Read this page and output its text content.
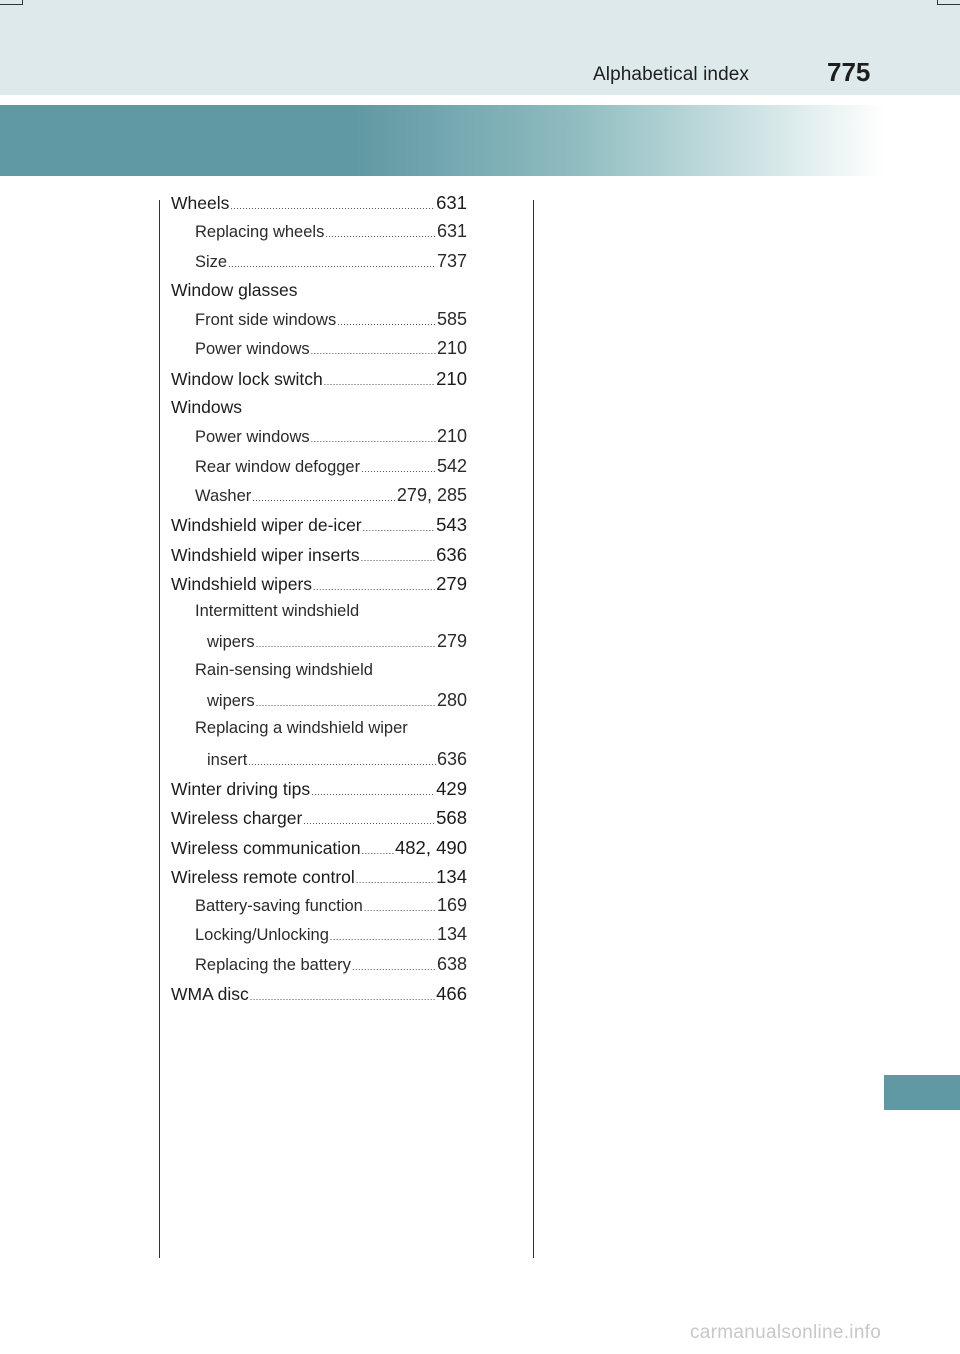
Alphabetical index	775
Wheels .....	631
Replacing wheels .....	631
Size .....	737
Window glasses
Front side windows .....	585
Power windows .....	210
Window lock switch .....	210
Windows
Power windows .....	210
Rear window defogger .....	542
Washer .....	279, 285
Windshield wiper de-icer .....	543
Windshield wiper inserts .....	636
Windshield wipers .....	279
Intermittent windshield
wipers .....	279
Rain-sensing windshield
wipers .....	280
Replacing a windshield wiper
insert .....	636
Winter driving tips .....	429
Wireless charger .....	568
Wireless communication ..... 482, 490
Wireless remote control .....	134
Battery-saving function .....	169
Locking/Unlocking .....	134
Replacing the battery .....	638
WMA disc .....	466
carmanualsonline.info
